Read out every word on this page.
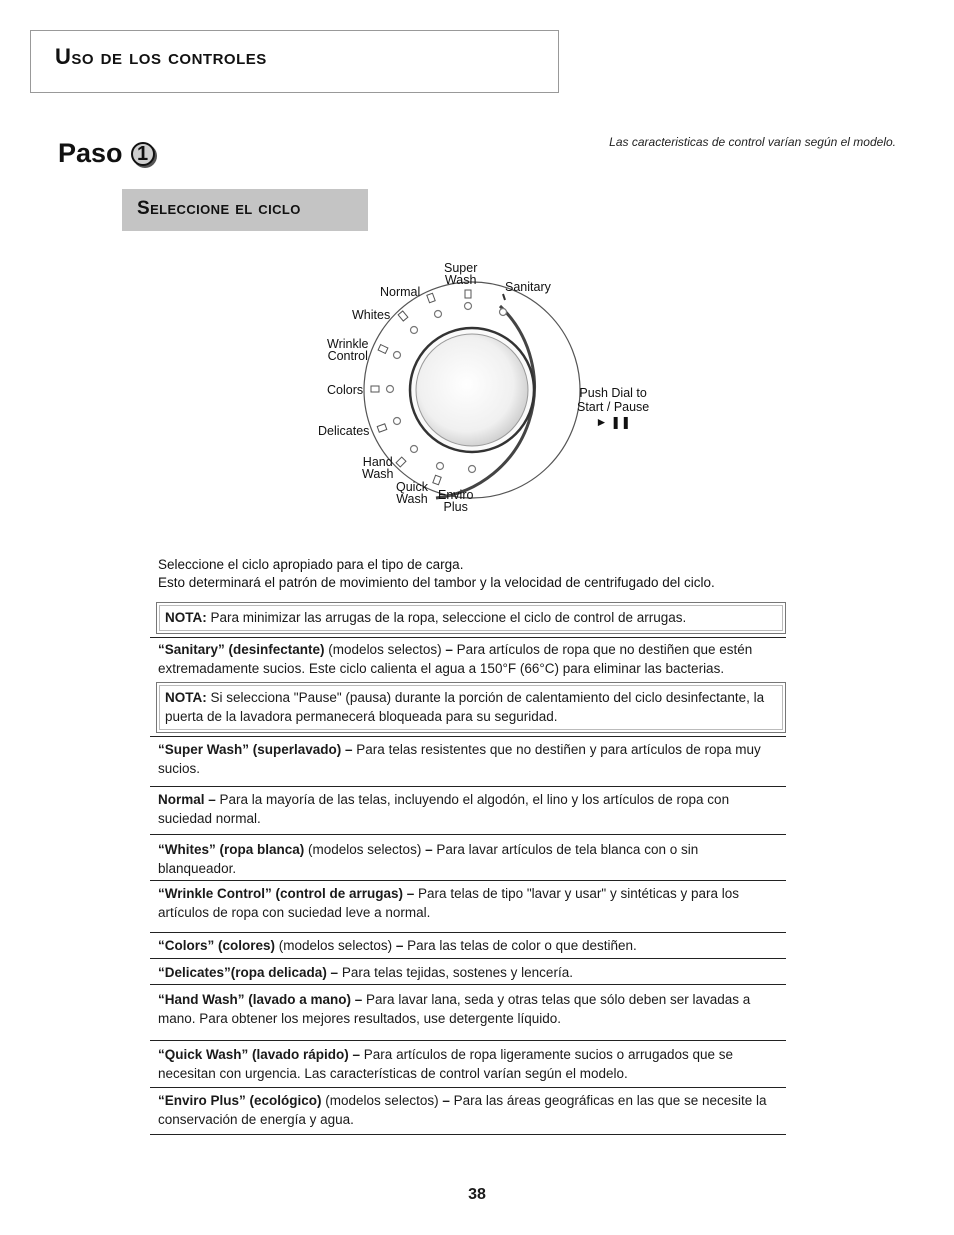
Uso de los controles
Las caracteristicas de control varían según el modelo.
Paso 1
Seleccione el ciclo
Super
Wash Sanitary
Normal
Whites
Wrinkle
Control
Colors
Delicates
Hand
Wash
Quick
Wash Enviro
Plus
Push Dial to
Start / Pause
► ❚❚
Seleccione el ciclo apropiado para el tipo de carga.
Esto determinará el patrón de movimiento del tambor y la velocidad de centrifugado del ciclo.
NOTA: Para minimizar las arrugas de la ropa, seleccione el ciclo de control de arrugas.
“Sanitary” (desinfectante) (modelos selectos) – Para artículos de ropa que no destiñen que estén extremadamente sucios. Este ciclo calienta el agua a 150°F (66°C) para eliminar las bacterias.
NOTA: Si selecciona "Pause" (pausa) durante la porción de calentamiento del ciclo desinfectante, la puerta de la lavadora permanecerá bloqueada para su seguridad.
“Super Wash” (superlavado) – Para telas resistentes que no destiñen y para artículos de ropa muy sucios.
Normal – Para la mayoría de las telas, incluyendo el algodón, el lino y los artículos de ropa con suciedad normal.
“Whites” (ropa blanca) (modelos selectos) – Para lavar artículos de tela blanca con o sin blanqueador.
“Wrinkle Control” (control de arrugas) – Para telas de tipo "lavar y usar" y sintéticas y para los artículos de ropa con suciedad leve a normal.
“Colors” (colores) (modelos selectos) – Para las telas de color o que destiñen.
“Delicates”(ropa delicada) – Para telas tejidas, sostenes y lencería.
“Hand Wash” (lavado a mano) – Para lavar lana, seda y otras telas que sólo deben ser lavadas a mano. Para obtener los mejores resultados, use detergente líquido.
“Quick Wash” (lavado rápido) – Para artículos de ropa ligeramente sucios o arrugados que se necesitan con urgencia. Las características de control varían según el modelo.
“Enviro Plus” (ecológico) (modelos selectos) – Para las áreas geográficas en las que se necesite la conservación de energía y agua.
38
